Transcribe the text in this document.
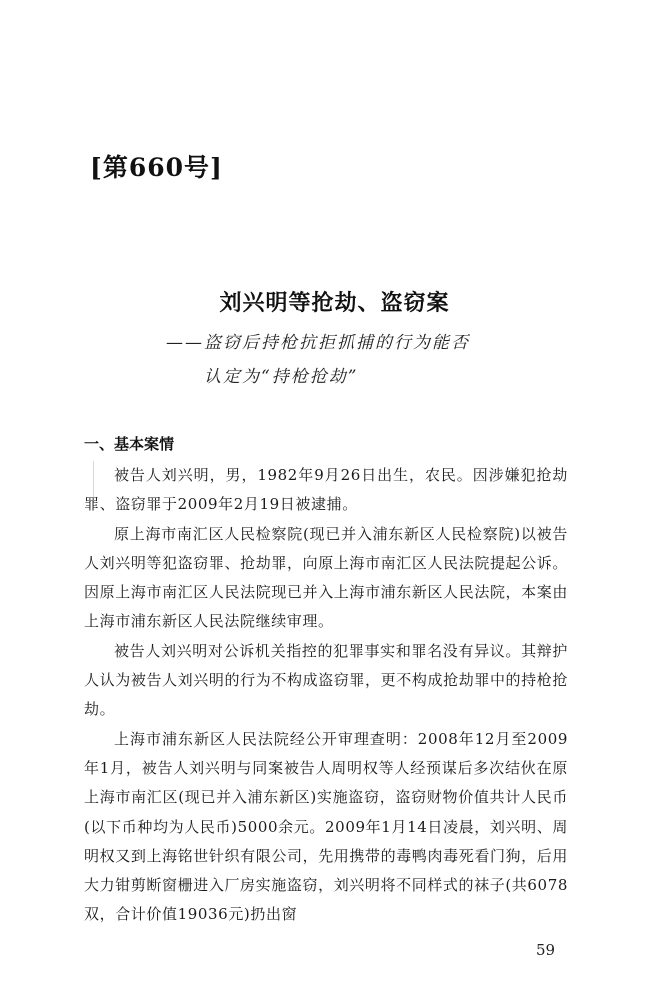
[第660号]
刘兴明等抢劫、盗窃案
——盗窃后持枪抗拒抓捕的行为能否
认定为“持枪抢劫”
一、基本案情

被告人刘兴明，男，1982年9月26日出生，农民。因涉嫌犯抢劫罪、盗窃罪于2009年2月19日被逮捕。

原上海市南汇区人民检察院(现已并入浦东新区人民检察院)以被告人刘兴明等犯盗窃罪、抢劫罪，向原上海市南汇区人民法院提起公诉。因原上海市南汇区人民法院现已并入上海市浦东新区人民法院，本案由上海市浦东新区人民法院继续审理。

被告人刘兴明对公诉机关指控的犯罪事实和罪名没有异议。其辩护人认为被告人刘兴明的行为不构成盗窃罪，更不构成抢劫罪中的持枪抢劫。

上海市浦东新区人民法院经公开审理查明：2008年12月至2009年1月，被告人刘兴明与同案被告人周明权等人经预谋后多次结伙在原上海市南汇区(现已并入浦东新区)实施盗窃，盗窃财物价值共计人民币(以下币种均为人民币)5000余元。2009年1月14日凌晨，刘兴明、周明权又到上海铭世针织有限公司，先用携带的毒鸭肉毒死看门狗，后用大力钳剪断窗栅进入厂房实施盗窃，刘兴明将不同样式的袜子(共6078双，合计价值19036元)扔出窗

59
